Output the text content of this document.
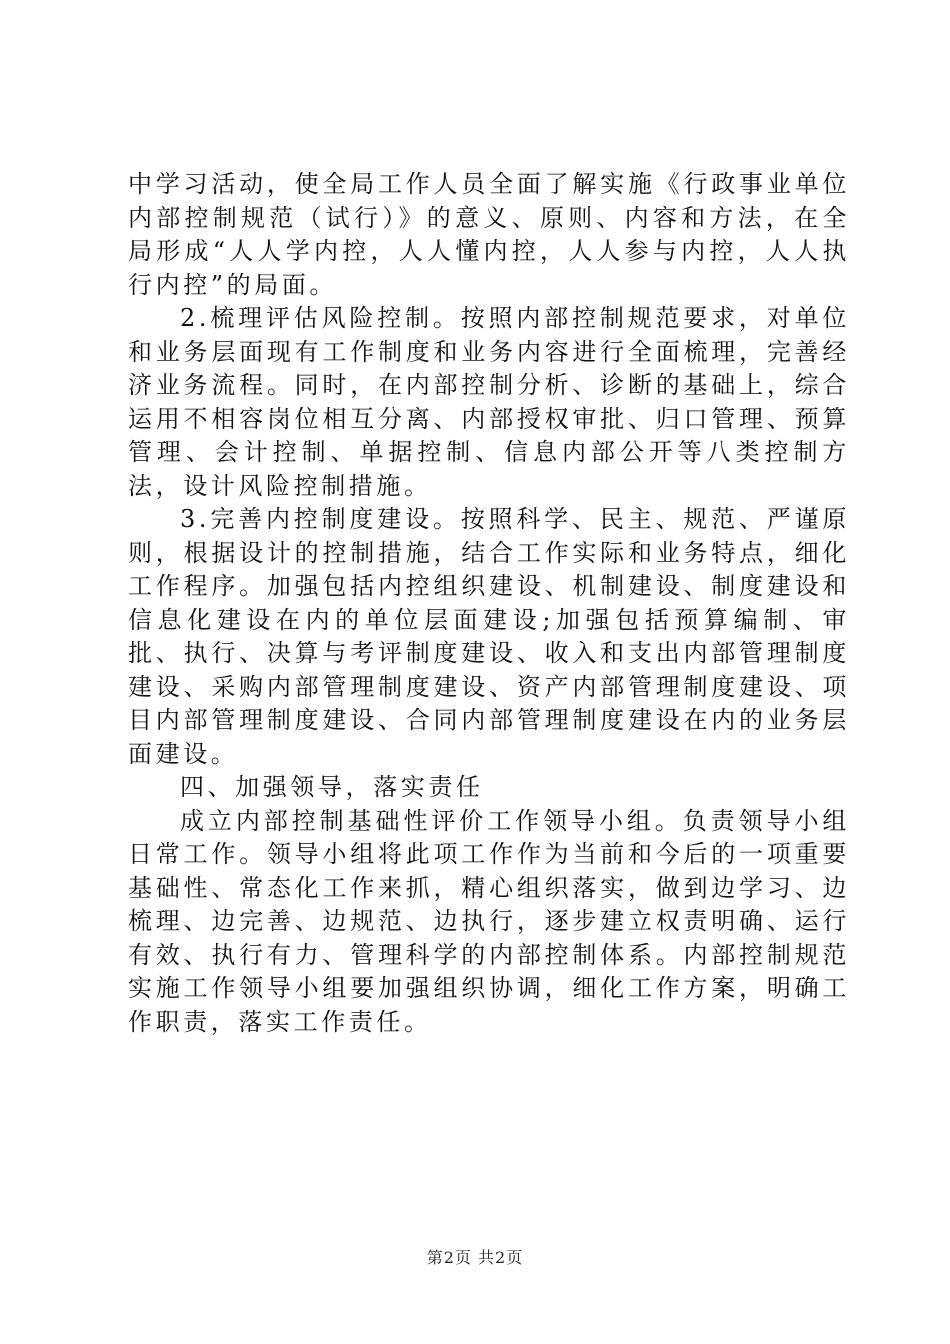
中学习活动，使全局工作人员全面了解实施《行政事业单位内部控制规范（试行）》的意义、原则、内容和方法，在全局形成“人人学内控，人人懂内控，人人参与内控，人人执行内控”的局面。

2.梳理评估风险控制。按照内部控制规范要求，对单位和业务层面现有工作制度和业务内容进行全面梳理，完善经济业务流程。同时，在内部控制分析、诊断的基础上，综合运用不相容岗位相互分离、内部授权审批、归口管理、预算管理、会计控制、单据控制、信息内部公开等八类控制方法，设计风险控制措施。

3.完善内控制度建设。按照科学、民主、规范、严谨原则，根据设计的控制措施，结合工作实际和业务特点，细化工作程序。加强包括内控组织建设、机制建设、制度建设和信息化建设在内的单位层面建设;加强包括预算编制、审批、执行、决算与考评制度建设、收入和支出内部管理制度建设、采购内部管理制度建设、资产内部管理制度建设、项目内部管理制度建设、合同内部管理制度建设在内的业务层面建设。

四、加强领导，落实责任

成立内部控制基础性评价工作领导小组。负责领导小组日常工作。领导小组将此项工作作为当前和今后的一项重要基础性、常态化工作来抓，精心组织落实，做到边学习、边梳理、边完善、边规范、边执行，逐步建立权责明确、运行有效、执行有力、管理科学的内部控制体系。内部控制规范实施工作领导小组要加强组织协调，细化工作方案，明确工作职责，落实工作责任。

第2页 共2页
